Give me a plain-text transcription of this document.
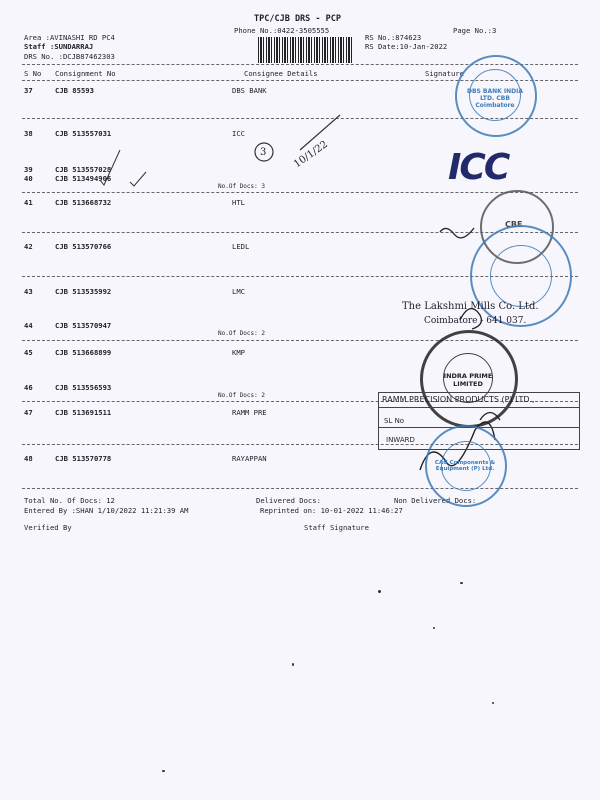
TPC/CJB DRS - PCP
Phone No.:0422-3505555	Page No.:3
Area :AVINASHI RD PC4
Staff :SUNDARRAJ
DRS No. :DCJB87462303
RS No.:874623
RS Date:10-Jan-2022
S No Consignment No	Consignee Details	Signature
37	CJB 85593	DBS BANK
38	CJB 513557031	ICC
39	CJB 513557028
40	CJB 513494906
No.Of Docs: 3
41	CJB 513668732	HTL
42	CJB 513570766	LEDL
43	CJB 513535992	LMC
44	CJB 513570947
No.Of Docs: 2
45	CJB 513668899	KMP
46	CJB 513556593
No.Of Docs: 2
47	CJB 513691511	RAMM PRE
48	CJB 513570778	RAYAPPAN
Total No. Of Docs: 12	Delivered Docs:	Non Delivered Docs:
Entered By :SHAN 1/10/2022 11:21:39 AM	Reprinted on: 10-01-2022 11:46:27
Verified By	Staff Signature
10/1/22
3	ICC
DBS BANK INDIA LTD. CBB Coimbatore
CBE
The Lakshmi Mills Co. Ltd.
Coimbatore - 641 037.
INDRA PRIME LIMITED
RAMM PRECISION PRODUCTS (P) LTD.,
SL No
INWARD
CAG Components & Equipment (P) Ltd.
